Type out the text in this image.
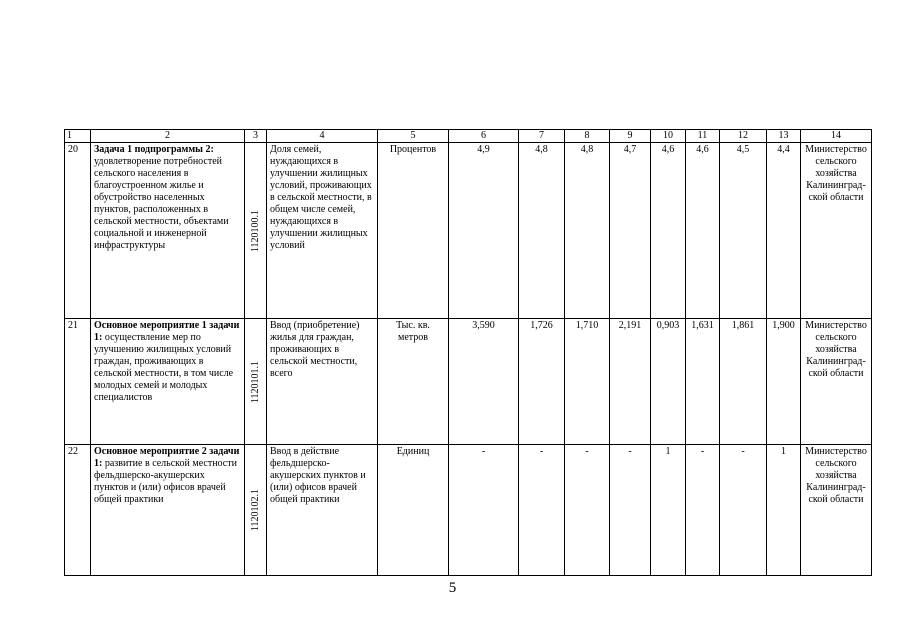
1	2	3	4	5	6	7	8	9	10	11	12	13	14
20	Задача 1 подпрограммы 2: удовлетворение потребностей сельского населения в благоустроенном жилье и обустройство населенных пунктов, расположенных в сельской местности, объектами социальной и инженерной инфраструктуры	1120100.1	Доля семей, нуждающихся в улучшении жилищных условий, проживающих в сельской местности, в общем числе семей, нуждающихся в улучшении жилищных условий	Процентов	4,9	4,8	4,8	4,7	4,6	4,6	4,5	4,4	Министерство сельского хозяйства Калининград-ской области
21	Основное мероприятие 1 задачи 1: осуществление мер по улучшению жилищных условий граждан, проживающих в сельской местности, в том числе молодых семей и молодых специалистов	1120101.1	Ввод (приобретение) жилья для граждан, проживающих в сельской местности, всего	Тыс. кв. метров	3,590	1,726	1,710	2,191	0,903	1,631	1,861	1,900	Министерство сельского хозяйства Калининград-ской области
22	Основное мероприятие 2 задачи 1: развитие в сельской местности фельдшерско-акушерских пунктов и (или) офисов врачей общей практики	1120102.1	Ввод в действие фельдшерско-акушерских пунктов и (или) офисов врачей общей практики	Единиц	-	-	-	-	1	-	-	1	Министерство сельского хозяйства Калининград-ской области
5
